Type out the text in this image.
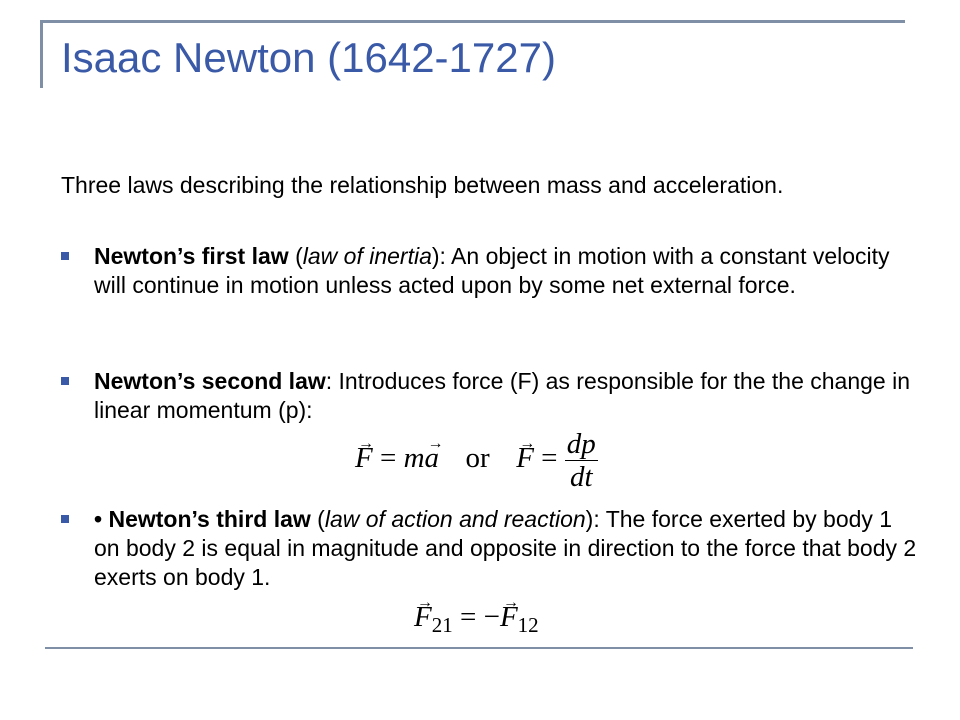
Isaac Newton (1642-1727)
Three laws describing the relationship between mass and acceleration.
Newton’s first law (law of inertia): An object in motion with a constant velocity will continue in motion unless acted upon by some net external force.
Newton’s second law: Introduces force (F) as responsible for the the change in linear momentum (p):
→ F = m→ a or  → $F = \frac{dp}{dt}$
• Newton’s third law (law of action and reaction): The force exerted by body 1 on body 2 is equal in magnitude and opposite in direction to the force that body 2 exerts on body 1.
→ $F_{21}$ = −→ $F_{12}$
